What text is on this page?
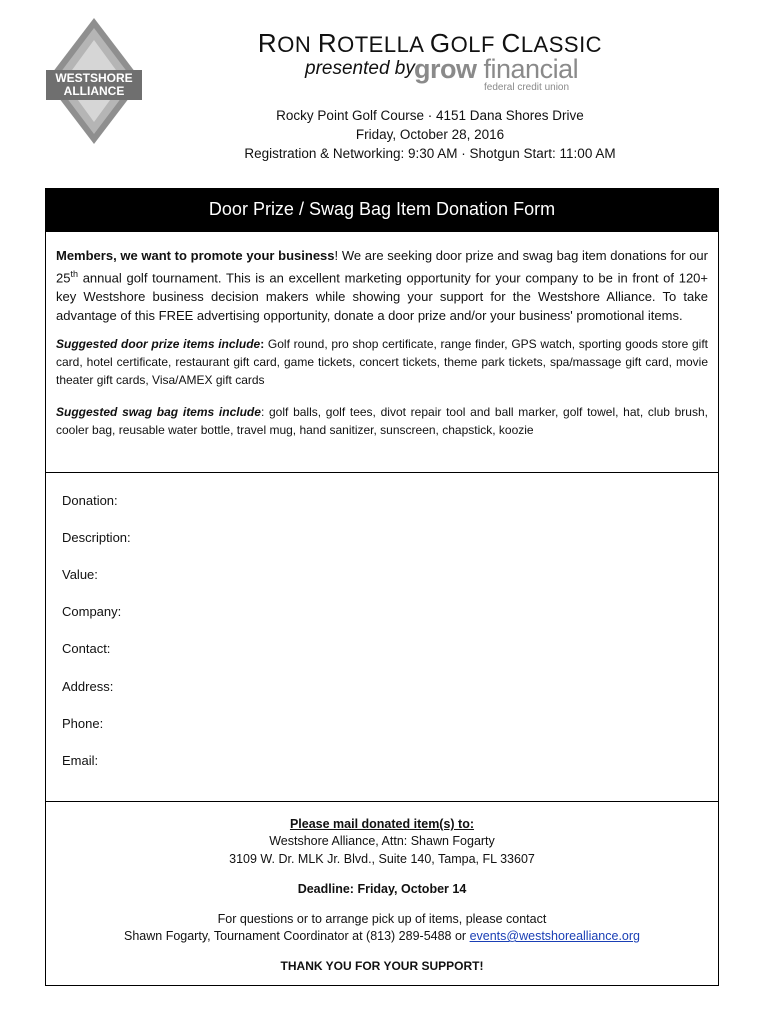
WESTSHORE
ALLIANCE
RON ROTELLA GOLF CLASSIC
presented by grow financial
federal credit union
Rocky Point Golf Course · 4151 Dana Shores Drive
Friday, October 28, 2016
Registration & Networking: 9:30 AM · Shotgun Start: 11:00 AM
Door Prize / Swag Bag Item Donation Form

Members, we want to promote your business! We are seeking door prize and swag bag item donations for our 25th annual golf tournament. This is an excellent marketing opportunity for your company to be in front of 120+ key Westshore business decision makers while showing your support for the Westshore Alliance. To take advantage of this FREE advertising opportunity, donate a door prize and/or your business' promotional items.

Suggested door prize items include: Golf round, pro shop certificate, range finder, GPS watch, sporting goods store gift card, hotel certificate, restaurant gift card, game tickets, concert tickets, theme park tickets, spa/massage gift card, movie theater gift cards, Visa/AMEX gift cards

Suggested swag bag items include: golf balls, golf tees, divot repair tool and ball marker, golf towel, hat, club brush, cooler bag, reusable water bottle, travel mug, hand sanitizer, sunscreen, chapstick, koozie

Donation:
Description:
Value:
Company:
Contact:
Address:
Phone:
Email:
Please mail donated item(s) to:
Westshore Alliance, Attn: Shawn Fogarty
3109 W. Dr. MLK Jr. Blvd., Suite 140, Tampa, FL 33607
Deadline: Friday, October 14
For questions or to arrange pick up of items, please contact
Shawn Fogarty, Tournament Coordinator at (813) 289-5488 or events@westshorealliance.org
THANK YOU FOR YOUR SUPPORT!
